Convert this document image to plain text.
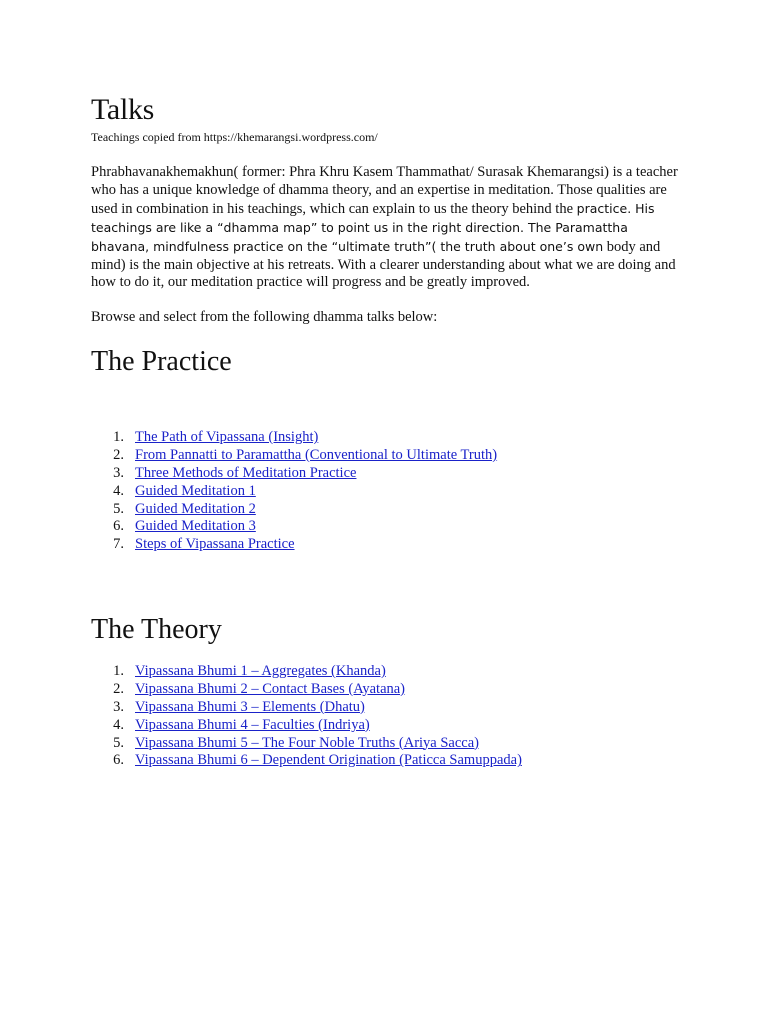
Talks

Teachings copied from https://khemarangsi.wordpress.com/

Phrabhavanakhemakhun( former: Phra Khru Kasem Thammathat/ Surasak Khemarangsi) is a teacher who has a unique knowledge of dhamma theory, and an expertise in meditation. Those qualities are used in combination in his teachings, which can explain to us the theory behind the practice. His teachings are like a “dhamma map” to point us in the right direction. The Paramattha bhavana, mindfulness practice on the “ultimate truth”( the truth about one’s own body and mind) is the main objective at his retreats. With a clearer understanding about what we are doing and how to do it, our meditation practice will progress and be greatly improved.

Browse and select from the following dhamma talks below:

The Practice
1. The Path of Vipassana (Insight)
2. From Pannatti to Paramattha (Conventional to Ultimate Truth)
3. Three Methods of Meditation Practice
4. Guided Meditation 1
5. Guided Meditation 2
6. Guided Meditation 3
7. Steps of Vipassana Practice
The Theory
1. Vipassana Bhumi 1 – Aggregates (Khanda)
2. Vipassana Bhumi 2 – Contact Bases (Ayatana)
3. Vipassana Bhumi 3 – Elements (Dhatu)
4. Vipassana Bhumi 4 – Faculties (Indriya)
5. Vipassana Bhumi 5 – The Four Noble Truths (Ariya Sacca)
6. Vipassana Bhumi 6 – Dependent Origination (Paticca Samuppada)
